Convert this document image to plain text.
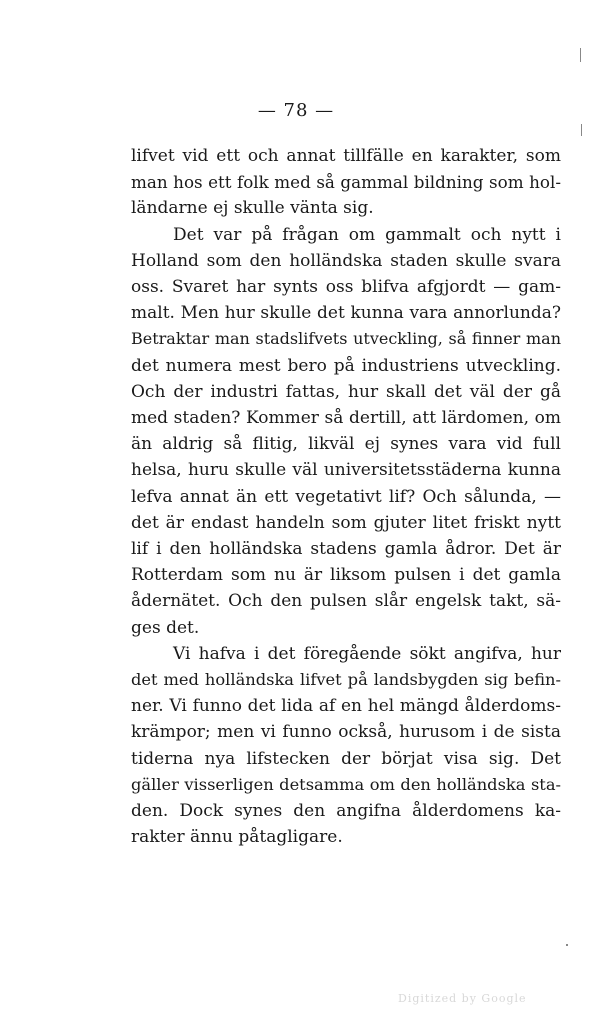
— 78 —
lifvet vid ett och annat tillfälle en karakter, som
man hos ett folk med så gammal bildning som hol-
ländarne ej skulle vänta sig.
Det var på frågan om gammalt och nytt i
Holland som den holländska staden skulle svara
oss. Svaret har synts oss blifva afgjordt — gam-
malt. Men hur skulle det kunna vara annorlunda?
Betraktar man stadslifvets utveckling, så finner man
det numera mest bero på industriens utveckling.
Och der industri fattas, hur skall det väl der gå
med staden? Kommer så dertill, att lärdomen, om
än aldrig så flitig, likväl ej synes vara vid full
helsa, huru skulle väl universitetsstäderna kunna
lefva annat än ett vegetativt lif? Och sålunda, —
det är endast handeln som gjuter litet friskt nytt
lif i den holländska stadens gamla ådror. Det är
Rotterdam som nu är liksom pulsen i det gamla
ådernätet. Och den pulsen slår engelsk takt, sä-
ges det.
Vi hafva i det föregående sökt angifva, hur
det med holländska lifvet på landsbygden sig befin-
ner. Vi funno det lida af en hel mängd ålderdoms-
krämpor; men vi funno också, hurusom i de sista
tiderna nya lifstecken der börjat visa sig. Det
gäller visserligen detsamma om den holländska sta-
den. Dock synes den angifna ålderdomens ka-
rakter ännu påtagligare.
Digitized by Google
